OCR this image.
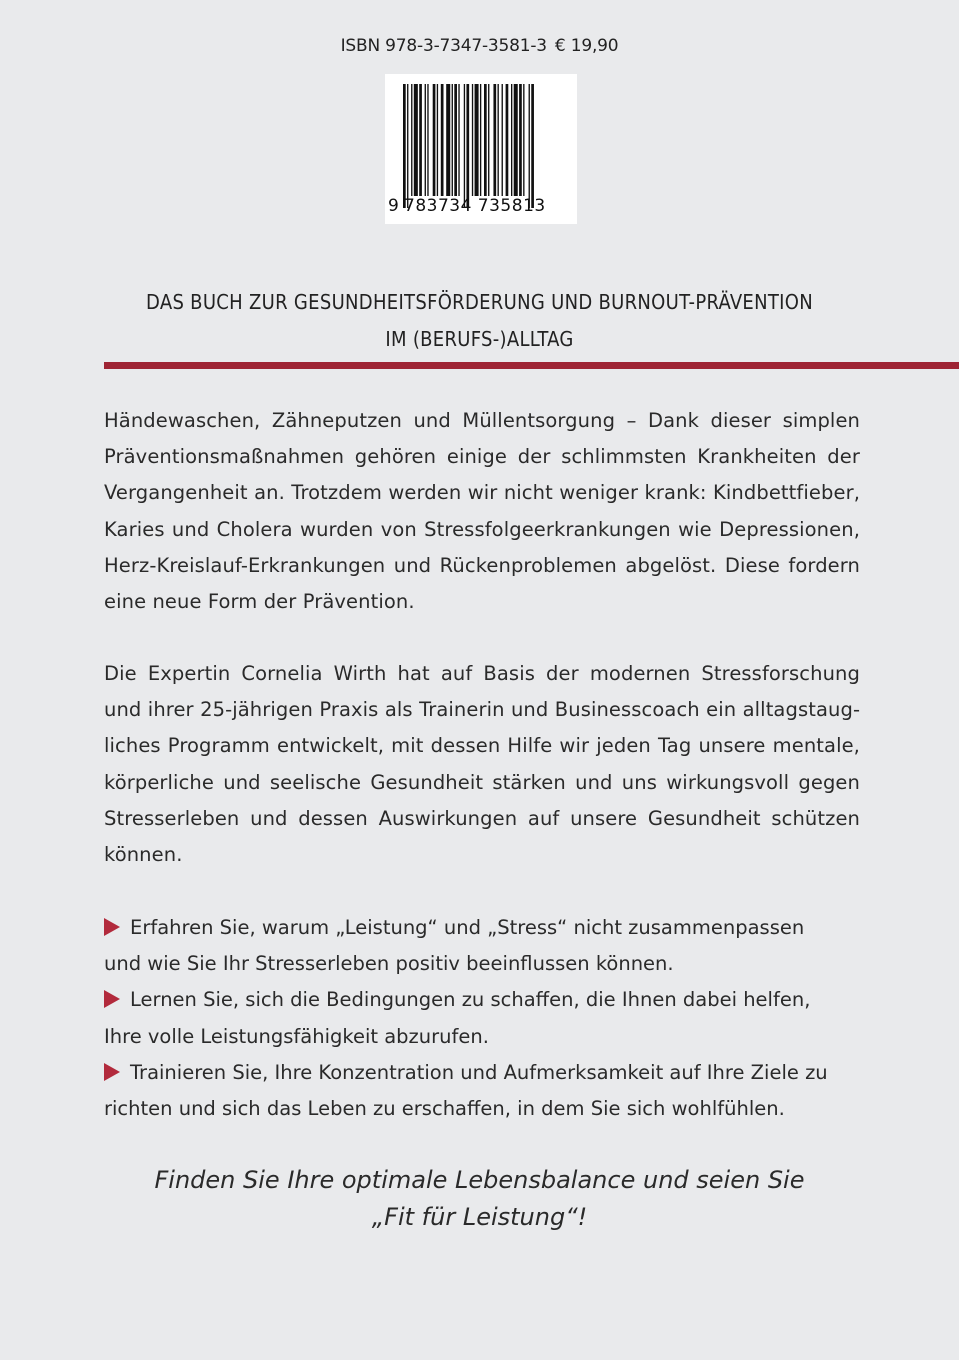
ISBN 978-3-7347-3581-3 € 19,90
9 783734 735813
DAS BUCH ZUR GESUNDHEITSFÖRDERUNG UND BURNOUT-PRÄVENTION
IM (BERUFS-)ALLTAG

Händewaschen, Zähneputzen und Müllentsorgung – Dank dieser simplen Präventionsmaßnahmen gehören einige der schlimmsten Krankheiten der Vergangenheit an. Trotzdem werden wir nicht weniger krank: Kindbettfieber, Karies und Cholera wurden von Stressfolgeerkrankungen wie Depressionen, Herz-Kreislauf-Erkrankungen und Rückenproblemen abgelöst. Diese fordern eine neue Form der Prävention.

Die Expertin Cornelia Wirth hat auf Basis der modernen Stressforschung und ihrer 25-jährigen Praxis als Trainerin und Businesscoach ein alltagstaugliches Programm entwickelt, mit dessen Hilfe wir jeden Tag unsere mentale, körperliche und seelische Gesundheit stärken und uns wirkungsvoll gegen Stresserleben und dessen Auswirkungen auf unsere Gesundheit schützen können.

Erfahren Sie, warum „Leistung“ und „Stress“ nicht zusammenpassen
und wie Sie Ihr Stresserleben positiv beeinflussen können.
Lernen Sie, sich die Bedingungen zu schaffen, die Ihnen dabei helfen,
Ihre volle Leistungsfähigkeit abzurufen.
Trainieren Sie, Ihre Konzentration und Aufmerksamkeit auf Ihre Ziele zu
richten und sich das Leben zu erschaffen, in dem Sie sich wohlfühlen.
Finden Sie Ihre optimale Lebensbalance und seien Sie
„Fit für Leistung“!
